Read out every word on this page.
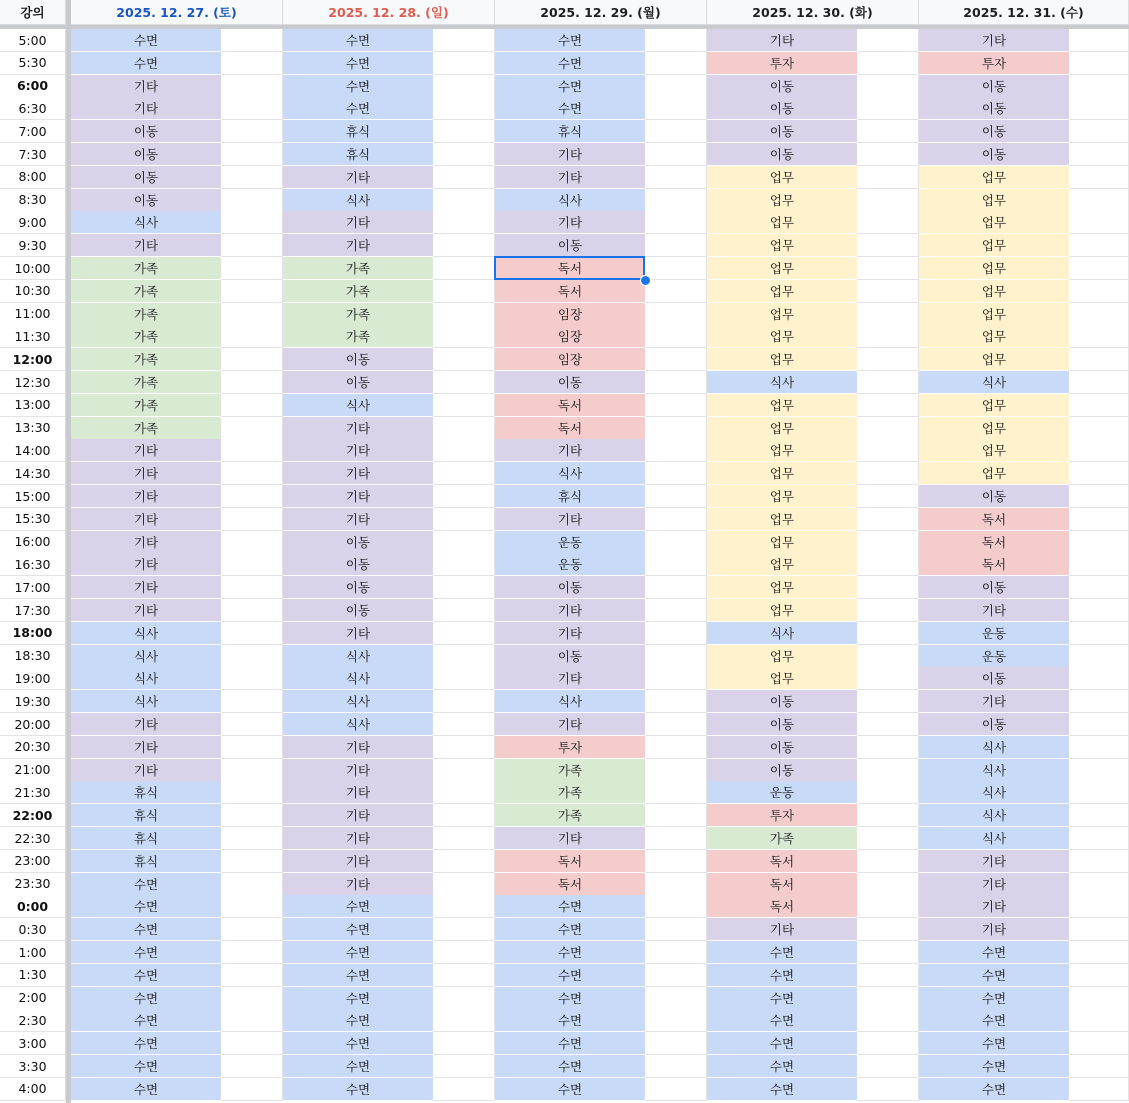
강의	2025. 12. 27. (토)	2025. 12. 28. (일)	2025. 12. 29. (월)	2025. 12. 30. (화)	2025. 12. 31. (수)
5:00	수면	수면	수면	기타	기타
5:30	수면	수면	수면	투자	투자
6:00	기타	수면	수면	이동	이동
6:30	기타	수면	수면	이동	이동
7:00	이동	휴식	휴식	이동	이동
7:30	이동	휴식	기타	이동	이동
8:00	이동	기타	기타	업무	업무
8:30	이동	식사	식사	업무	업무
9:00	식사	기타	기타	업무	업무
9:30	기타	기타	이동	업무	업무
10:00	가족	가족	독서	업무	업무
10:30	가족	가족	독서	업무	업무
11:00	가족	가족	임장	업무	업무
11:30	가족	가족	임장	업무	업무
12:00	가족	이동	임장	업무	업무
12:30	가족	이동	이동	식사	식사
13:00	가족	식사	독서	업무	업무
13:30	가족	기타	독서	업무	업무
14:00	기타	기타	기타	업무	업무
14:30	기타	기타	식사	업무	업무
15:00	기타	기타	휴식	업무	이동
15:30	기타	기타	기타	업무	독서
16:00	기타	이동	운동	업무	독서
16:30	기타	이동	운동	업무	독서
17:00	기타	이동	이동	업무	이동
17:30	기타	이동	기타	업무	기타
18:00	식사	기타	기타	식사	운동
18:30	식사	식사	이동	업무	운동
19:00	식사	식사	기타	업무	이동
19:30	식사	식사	식사	이동	기타
20:00	기타	식사	기타	이동	이동
20:30	기타	기타	투자	이동	식사
21:00	기타	기타	가족	이동	식사
21:30	휴식	기타	가족	운동	식사
22:00	휴식	기타	가족	투자	식사
22:30	휴식	기타	기타	가족	식사
23:00	휴식	기타	독서	독서	기타
23:30	수면	기타	독서	독서	기타
0:00	수면	수면	수면	독서	기타
0:30	수면	수면	수면	기타	기타
1:00	수면	수면	수면	수면	수면
1:30	수면	수면	수면	수면	수면
2:00	수면	수면	수면	수면	수면
2:30	수면	수면	수면	수면	수면
3:00	수면	수면	수면	수면	수면
3:30	수면	수면	수면	수면	수면
4:00	수면	수면	수면	수면	수면
